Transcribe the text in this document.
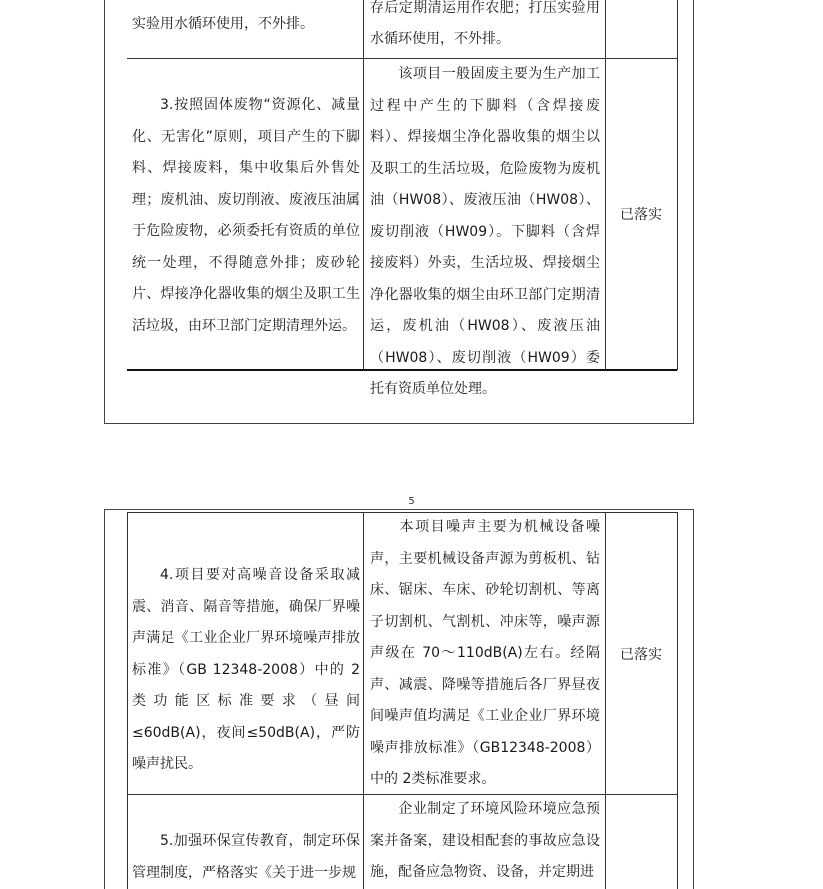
实验用水循环使用，不外排。
存后定期清运用作农肥；打压实验用水循环使用，不外排。
3.按照固体废物“资源化、减量化、无害化”原则，项目产生的下脚料、焊接废料，集中收集后外售处理；废机油、废切削液、废液压油属于危险废物，必须委托有资质的单位统一处理，不得随意外排；废砂轮片、焊接净化器收集的烟尘及职工生活垃圾，由环卫部门定期清理外运。
该项目一般固废主要为生产加工过程中产生的下脚料（含焊接废料）、焊接烟尘净化器收集的烟尘以及职工的生活垃圾，危险废物为废机油（HW08）、废液压油（HW08）、废切削液（HW09）。下脚料（含焊接废料）外卖，生活垃圾、焊接烟尘净化器收集的烟尘由环卫部门定期清运，废机油（HW08）、废液压油（HW08）、废切削液（HW09）委托有资质单位处理。
已落实
5
4.项目要对高噪音设备采取减震、消音、隔音等措施，确保厂界噪声满足《工业企业厂界环境噪声排放标准》（GB 12348-2008）中的 2类功能区标准要求（昼间≤60dB(A)，夜间≤50dB(A)，严防噪声扰民。
本项目噪声主要为机械设备噪声，主要机械设备声源为剪板机、钻床、锯床、车床、砂轮切割机、等离子切割机、气割机、冲床等，噪声源声级在 70～110dB(A)左右。经隔声、减震、降噪等措施后各厂界昼夜间噪声值均满足《工业企业厂界环境噪声排放标准》（GB12348-2008）中的 2类标准要求。
已落实
5.加强环保宣传教育，制定环保管理制度，严格落实《关于进一步规
企业制定了环境风险环境应急预案并备案，建设相配套的事故应急设施，配备应急物资、设备，并定期进
